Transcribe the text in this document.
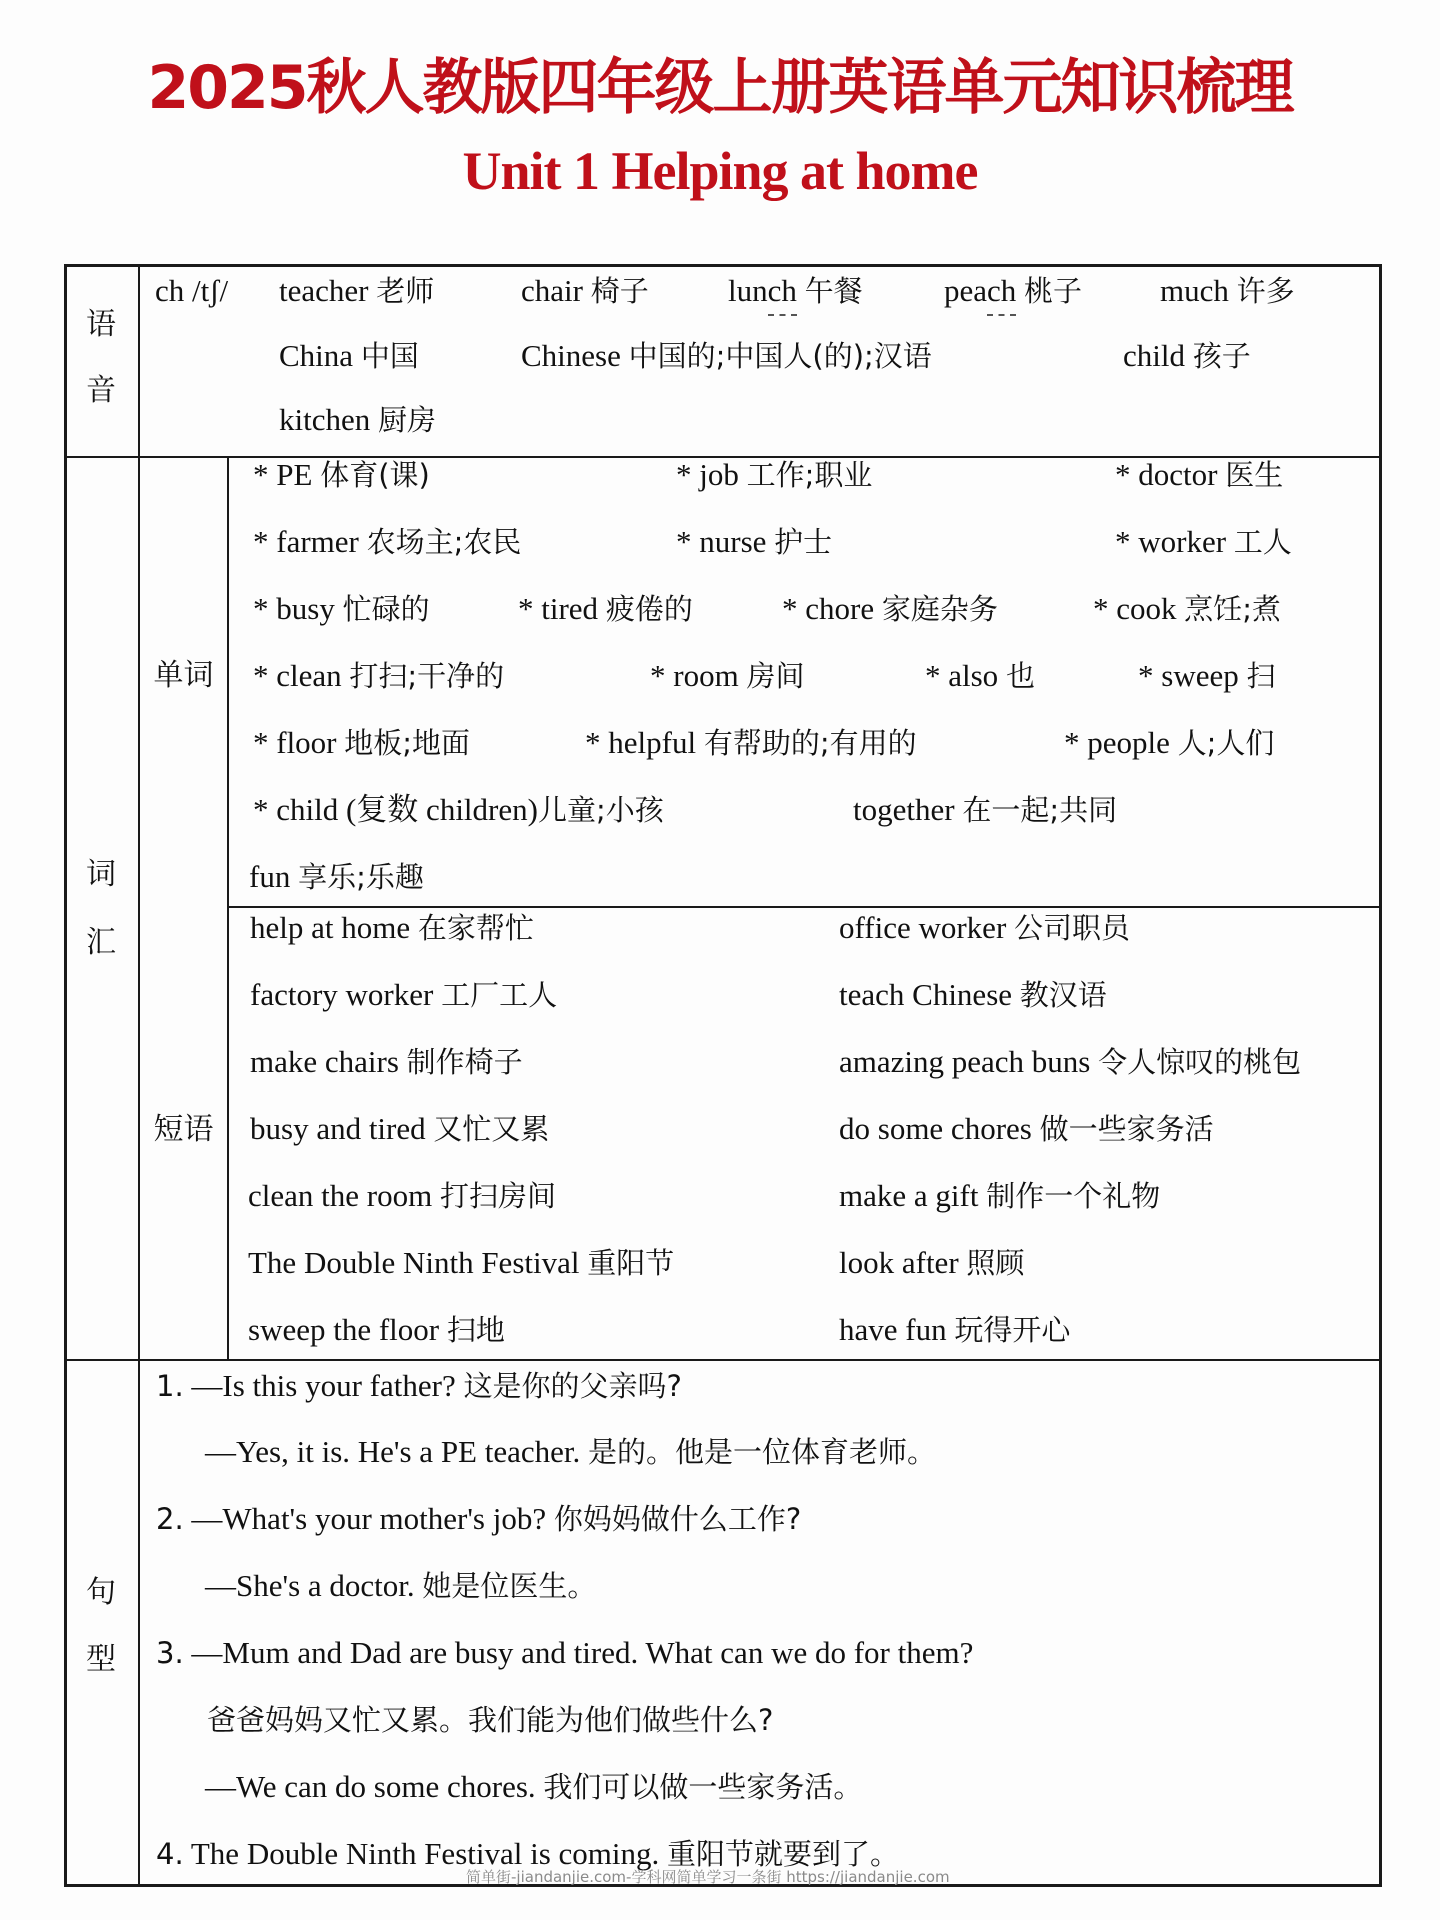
2025秋人教版四年级上册英语单元知识梳理
Unit 1 Helping at home
语
音
ch /tʃ/ teacher 老师	chair 椅子	lunch 午餐	peach 桃子	much 许多
China 中国	Chinese 中国的;中国人(的);汉语	child 孩子
kitchen 厨房
词
汇
单词
短语
* PE 体育(课)	* job 工作;职业	* doctor 医生
* farmer 农场主;农民	* nurse 护士	* worker 工人
* busy 忙碌的	* tired 疲倦的	* chore 家庭杂务	* cook 烹饪;煮
* clean 打扫;干净的	* room 房间	* also 也	* sweep 扫
* floor 地板;地面	* helpful 有帮助的;有用的	* people 人;人们
* child (复数 children)儿童;小孩	together 在一起;共同
fun 享乐;乐趣
help at home 在家帮忙	office worker 公司职员
factory worker 工厂工人	teach Chinese 教汉语
make chairs 制作椅子	amazing peach buns 令人惊叹的桃包
busy and tired 又忙又累	do some chores 做一些家务活
clean the room 打扫房间	make a gift 制作一个礼物
The Double Ninth Festival 重阳节	look after 照顾
sweep the floor 扫地	have fun 玩得开心
句
型
1. —Is this your father? 这是你的父亲吗?
—Yes, it is. He's a PE teacher. 是的。他是一位体育老师。
2. —What's your mother's job? 你妈妈做什么工作?
—She's a doctor. 她是位医生。
3. —Mum and Dad are busy and tired. What can we do for them?
爸爸妈妈又忙又累。我们能为他们做些什么?
—We can do some chores. 我们可以做一些家务活。
4. The Double Ninth Festival is coming. 重阳节就要到了。
简单街-jiandanjie.com-学科网简单学习一条街 https://jiandanjie.com
